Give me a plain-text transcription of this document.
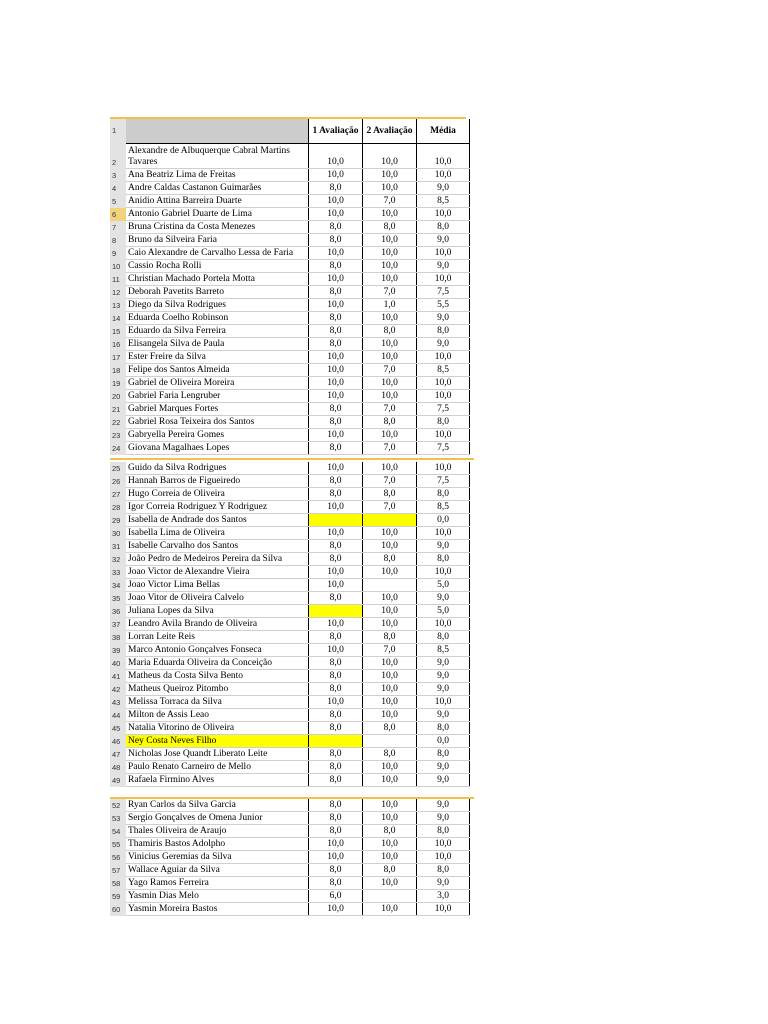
1		1 Avaliação	2 Avaliação	Média
2	Alexandre de Albuquerque Cabral Martins Tavares	10,0	10,0	10,0
3	Ana Beatriz Lima de Freitas	10,0	10,0	10,0
4	Andre Caldas Castanon Guimarães	8,0	10,0	9,0
5	Anidio Attina Barreira Duarte	10,0	7,0	8,5
6	Antonio Gabriel Duarte de Lima	10,0	10,0	10,0
7	Bruna Cristina da Costa Menezes	8,0	8,0	8,0
8	Bruno da Silveira Faria	8,0	10,0	9,0
9	Caio Alexandre de Carvalho Lessa de Faria	10,0	10,0	10,0
10	Cassio Rocha Rolli	8,0	10,0	9,0
11	Christian Machado Portela Motta	10,0	10,0	10,0
12	Deborah Pavetits Barreto	8,0	7,0	7,5
13	Diego da Silva Rodrigues	10,0	1,0	5,5
14	Eduarda Coelho Robinson	8,0	10,0	9,0
15	Eduardo da Silva Ferreira	8,0	8,0	8,0
16	Elisangela Silva de Paula	8,0	10,0	9,0
17	Ester Freire da Silva	10,0	10,0	10,0
18	Felipe dos Santos Almeida	10,0	7,0	8,5
19	Gabriel de Oliveira Moreira	10,0	10,0	10,0
20	Gabriel Faria Lengruber	10,0	10,0	10,0
21	Gabriel Marques Fortes	8,0	7,0	7,5
22	Gabriel Rosa Teixeira dos Santos	8,0	8,0	8,0
23	Gabryella Pereira Gomes	10,0	10,0	10,0
24	Giovana Magalhaes Lopes	8,0	7,0	7,5
25	Guido da Silva Rodrigues	10,0	10,0	10,0
26	Hannah Barros de Figueiredo	8,0	7,0	7,5
27	Hugo Correia de Oliveira	8,0	8,0	8,0
28	Igor Correia Rodriguez Y Rodriguez	10,0	7,0	8,5
29	Isabella de Andrade dos Santos			0,0
30	Isabella Lima de Oliveira	10,0	10,0	10,0
31	Isabelle Carvalho dos Santos	8,0	10,0	9,0
32	João Pedro de Medeiros Pereira da Silva	8,0	8,0	8,0
33	Joao Victor de Alexandre Vieira	10,0	10,0	10,0
34	Joao Victor Lima Bellas	10,0		5,0
35	Joao Vitor de Oliveira Calvelo	8,0	10,0	9,0
36	Juliana Lopes da Silva		10,0	5,0
37	Leandro Avila Brando de Oliveira	10,0	10,0	10,0
38	Lorran Leite Reis	8,0	8,0	8,0
39	Marco Antonio Gonçalves Fonseca	10,0	7,0	8,5
40	Maria Eduarda Oliveira da Conceição	8,0	10,0	9,0
41	Matheus da Costa Silva Bento	8,0	10,0	9,0
42	Matheus Queiroz Pitombo	8,0	10,0	9,0
43	Melissa Torraca da Silva	10,0	10,0	10,0
44	Milton de Assis Leao	8,0	10,0	9,0
45	Natalia Vitorino de Oliveira	8,0	8,0	8,0
46	Ney Costa Neves Filho			0,0
47	Nicholas Jose Quandt Liberato Leite	8,0	8,0	8,0
48	Paulo Renato Carneiro de Mello	8,0	10,0	9,0
49	Rafaela Firmino Alves	8,0	10,0	9,0
52	Ryan Carlos da Silva Garcia	8,0	10,0	9,0
53	Sergio Gonçalves de Omena Junior	8,0	10,0	9,0
54	Thales Oliveira de Araujo	8,0	8,0	8,0
55	Thamiris Bastos Adolpho	10,0	10,0	10,0
56	Vinicius Geremias da Silva	10,0	10,0	10,0
57	Wallace Aguiar da Silva	8,0	8,0	8,0
58	Yago Ramos Ferreira	8,0	10,0	9,0
59	Yasmin Dias Melo	6,0		3,0
60	Yasmin Moreira Bastos	10,0	10,0	10,0
